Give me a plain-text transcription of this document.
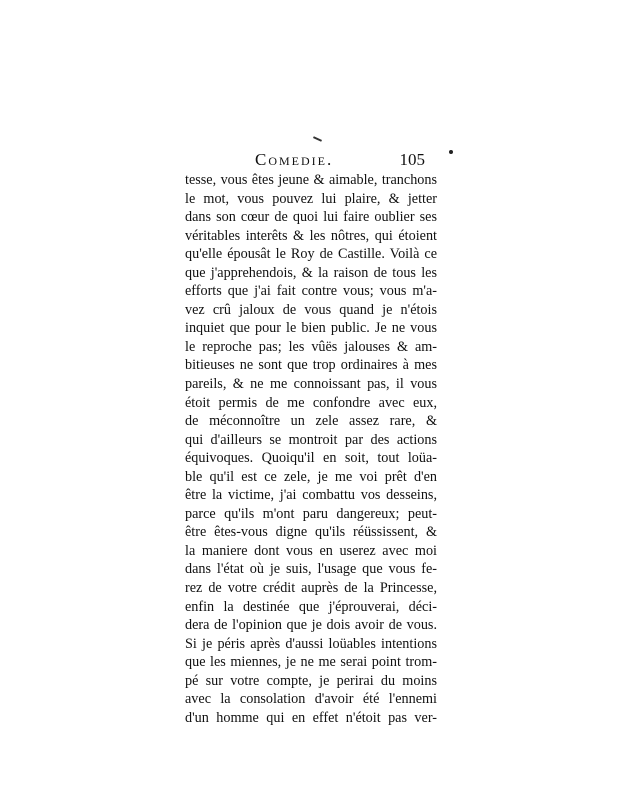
Comedie.	105
tesse, vous êtes jeune & aimable, tranchons
le mot, vous pouvez lui plaire, & jetter
dans son cœur de quoi lui faire oublier ses
véritables interêts & les nôtres, qui étoient
qu'elle épousât le Roy de Castille. Voilà ce
que j'apprehendois, & la raison de tous les
efforts que j'ai fait contre vous; vous m'a-
vez crû jaloux de vous quand je n'étois
inquiet que pour le bien public. Je ne vous
le reproche pas; les vûës jalouses & am-
bitieuses ne sont que trop ordinaires à mes
pareils, & ne me connoissant pas, il vous
étoit permis de me confondre avec eux,
de méconnoître un zele assez rare, &
qui d'ailleurs se montroit par des actions
équivoques. Quoiqu'il en soit, tout loüa-
ble qu'il est ce zele, je me voi prêt d'en
être la victime, j'ai combattu vos desseins,
parce qu'ils m'ont paru dangereux; peut-
être êtes-vous digne qu'ils réüssissent, &
la maniere dont vous en userez avec moi
dans l'état où je suis, l'usage que vous fe-
rez de votre crédit auprès de la Princesse,
enfin la destinée que j'éprouverai, déci-
dera de l'opinion que je dois avoir de vous.
Si je péris après d'aussi loüables intentions
que les miennes, je ne me serai point trom-
pé sur votre compte, je perirai du moins
avec la consolation d'avoir été l'ennemi
d'un homme qui en effet n'étoit pas ver-
